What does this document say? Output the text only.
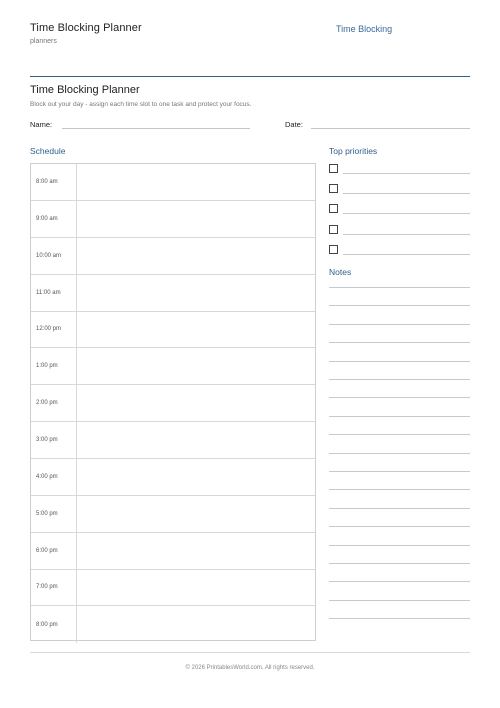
Time Blocking Planner
planners
Time Blocking
Time Blocking Planner
Block out your day - assign each time slot to one task and protect your focus.
Name:	Date:
Schedule
8:00 am
9:00 am
10:00 am
11:00 am
12:00 pm
1:00 pm
2:00 pm
3:00 pm
4:00 pm
5:00 pm
6:00 pm
7:00 pm
8:00 pm
Top priorities
Notes
© 2026 PrintablesWorld.com. All rights reserved.
